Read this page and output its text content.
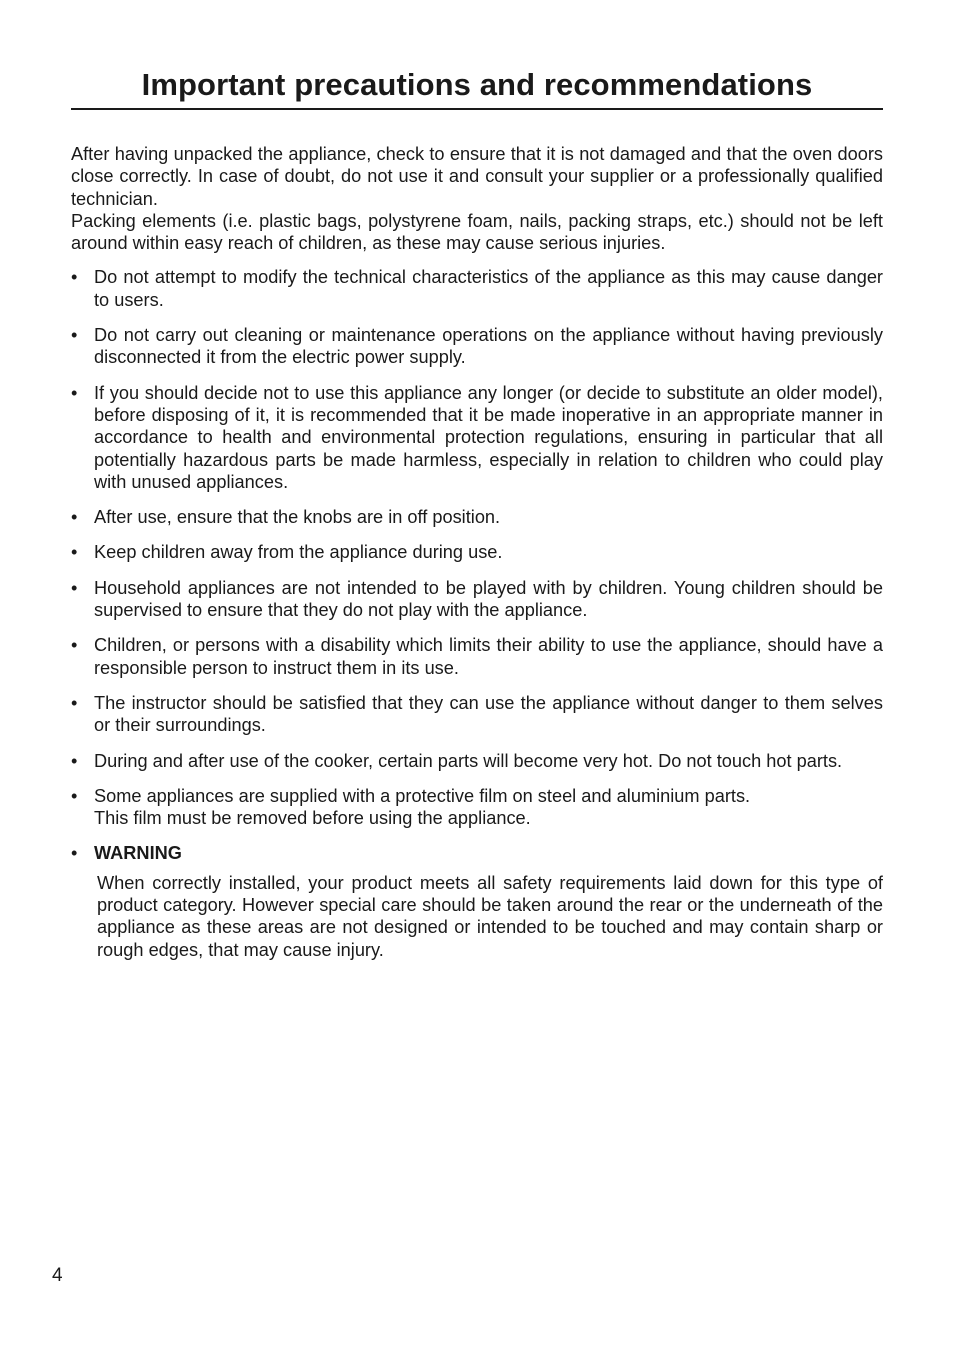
Important precautions and recommendations

After having unpacked the appliance, check to ensure that it is not damaged and that the oven doors close correctly. In case of doubt, do not use it and consult your supplier or a professionally qualified technician.

Packing elements (i.e. plastic bags, polystyrene foam, nails, packing straps, etc.) should not be left around within easy reach of children, as these may cause serious injuries.

• Do not attempt to modify the technical characteristics of the appliance as this may cause danger to users.
• Do not carry out cleaning or maintenance operations on the appliance without having previously disconnected it from the electric power supply.
• If you should decide not to use this appliance any longer (or decide to substitute an older model), before disposing of it, it is recommended that it be made inoperative in an appropriate manner in accordance to health and environmental protection regulations, ensuring in particular that all potentially hazardous parts be made harmless, especially in relation to children who could play with unused appliances.
• After use, ensure that the knobs are in off position.
• Keep children away from the appliance during use.
• Household appliances are not intended to be played with by children. Young children should be supervised to ensure that they do not play with the appliance.
• Children, or persons with a disability which limits their ability to use the appliance, should have a responsible person to instruct them in its use.
• The instructor should be satisfied that they can use the appliance without danger to them selves or their surroundings.
• During and after use of the cooker, certain parts will become very hot. Do not touch hot parts.
• Some appliances are supplied with a protective film on steel and aluminium parts.
This film must be removed before using the appliance.
• WARNING
When correctly installed, your product meets all safety requirements laid down for this type of product category. However special care should be taken around the rear or the underneath of the appliance as these areas are not designed or intended to be touched and may contain sharp or rough edges, that may cause injury.
4
